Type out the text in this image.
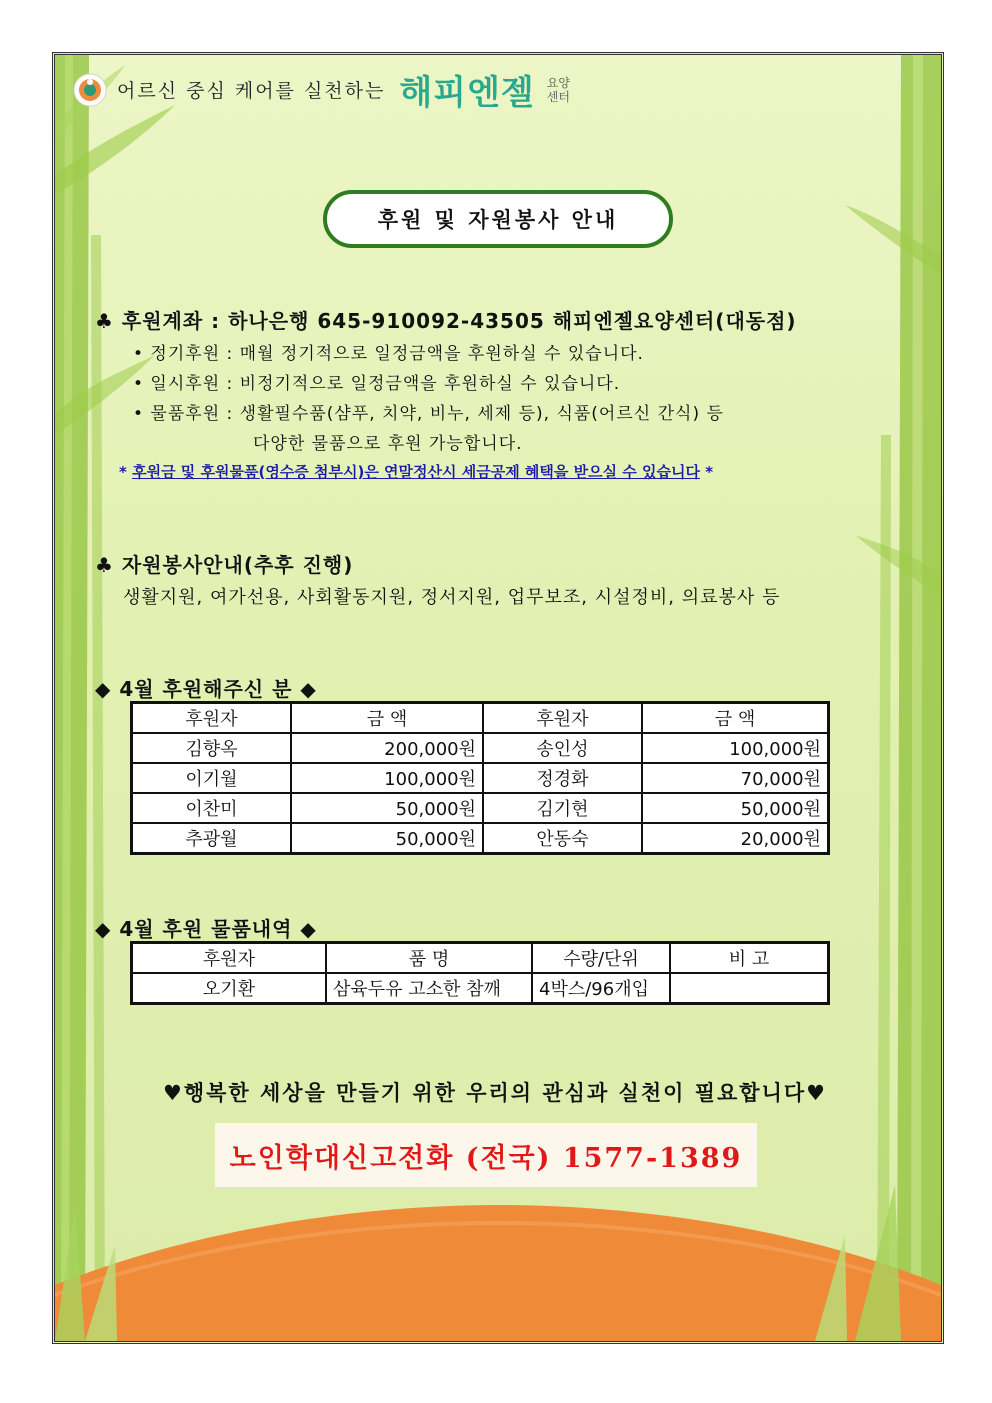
어르신 중심 케어를 실천하는 해피엔젤 요양
센터
후원 및 자원봉사 안내
♣ 후원계좌 : 하나은행 645-910092-43505 해피엔젤요양센터(대동점)
• 정기후원 : 매월 정기적으로 일정금액을 후원하실 수 있습니다.
• 일시후원 : 비정기적으로 일정금액을 후원하실 수 있습니다.
• 물품후원 : 생활필수품(샴푸, 치약, 비누, 세제 등), 식품(어르신 간식) 등
다양한 물품으로 후원 가능합니다.
* 후원금 및 후원물품(영수증 첨부시)은 연말정산시 세금공제 혜택을 받으실 수 있습니다 *
♣ 자원봉사안내(추후 진행)
생활지원, 여가선용, 사회활동지원, 정서지원, 업무보조, 시설정비, 의료봉사 등
◆ 4월 후원해주신 분 ◆
후원자	금 액	후원자	금 액
김향옥	200,000원	송인성	100,000원
이기월	100,000원	정경화	70,000원
이찬미	50,000원	김기현	50,000원
추광월	50,000원	안동숙	20,000원
◆ 4월 후원 물품내역 ◆
후원자	품 명	수량/단위	비 고
오기환	삼육두유 고소한 참깨	4박스/96개입	
♥행복한 세상을 만들기 위한 우리의 관심과 실천이 필요합니다♥
노인학대신고전화 (전국) 1577-1389
